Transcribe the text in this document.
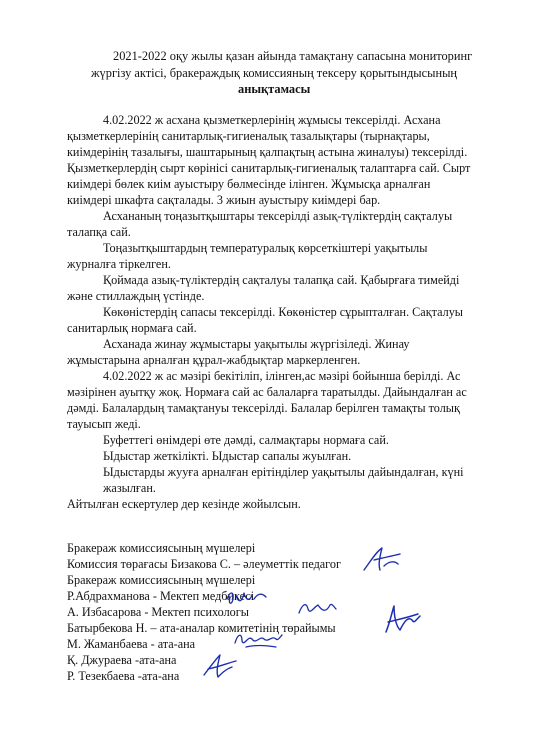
2021-2022 оқу жылы қазан айында тамақтану сапасына мониторинг
жүргізу актісі, бракераждық комиссияның тексеру қорытындысының
анықтамасы
4.02.2022 ж асхана қызметкерлерінің жұмысы тексерілді. Асхана
қызметкерлерінің санитарлық-гигиеналық тазалықтары (тырнақтары,
киімдерінің тазалығы, шаштарының қалпақтың астына жиналуы) тексерілді.
Қызметкерлердің сырт көрінісі санитарлық-гигиеналық талаптарға сай. Сырт
киімдері бөлек киім ауыстыру бөлмесінде ілінген. Жұмысқа арналған
киімдері шкафта сақталады. 3 жиын ауыстыру киімдері бар.
Асхананың тоңазытқыштары тексерілді азық-түліктердің сақталуы
талапқа сай.
Тоңазытқыштардың температуралық көрсеткіштері уақытылы
журналға тіркелген.
Қоймада азық-түліктердің сақталуы талапқа сай. Қабырғаға тимейді
және стиллаждың үстінде.
Көкөністердің сапасы тексерілді. Көкөністер сұрыпталған. Сақталуы
санитарлық нормаға сай.
Асханада жинау жұмыстары уақытылы жүргізіледі. Жинау
жұмыстарына арналған құрал-жабдықтар маркерленген.
4.02.2022 ж ас мәзірі бекітіліп, ілінген,ас мәзірі бойынша берілді. Ас
мәзірінен ауытқу жоқ. Нормаға сай ас балаларға таратылды. Дайындалған ас
дәмді. Балалардың тамақтануы тексерілді. Балалар берілген тамақты толық
тауысып жеді.
Буфеттегі өнімдері өте дәмді, салмақтары нормаға сай.
Ыдыстар жеткілікті. Ыдыстар сапалы жуылған.
Ыдыстарды жууға арналған ерітінділер уақытылы дайындалған, күні
жазылған.
Айтылған ескертулер дер кезінде жойылсын.
Бракераж комиссиясының мүшелері
Комиссия төрағасы Бизакова С. – әлеуметтік педагог
Бракераж комиссиясының мүшелері
Р.Абдрахманова - Мектеп медбикесі
А. Избасарова - Мектеп психологы
Батырбекова Н. – ата-аналар комитетінің төрайымы
М. Жаманбаева - ата-ана
Қ. Джураева -ата-ана
Р. Тезекбаева -ата-ана
